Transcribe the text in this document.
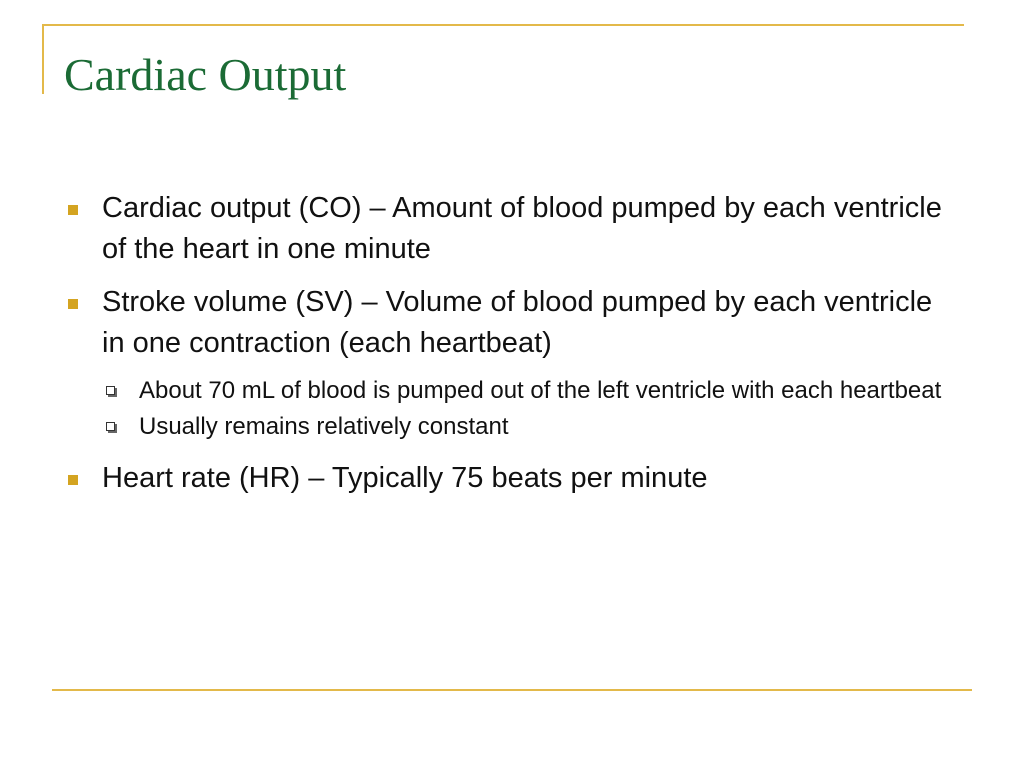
Cardiac Output
Cardiac output (CO) – Amount of blood pumped by each ventricle of the heart in one minute
Stroke volume (SV) – Volume of blood pumped by each ventricle in one contraction (each heartbeat)
About 70 mL of blood is pumped out of the left ventricle with each heartbeat
Usually remains relatively constant
Heart rate (HR) – Typically 75 beats per minute
